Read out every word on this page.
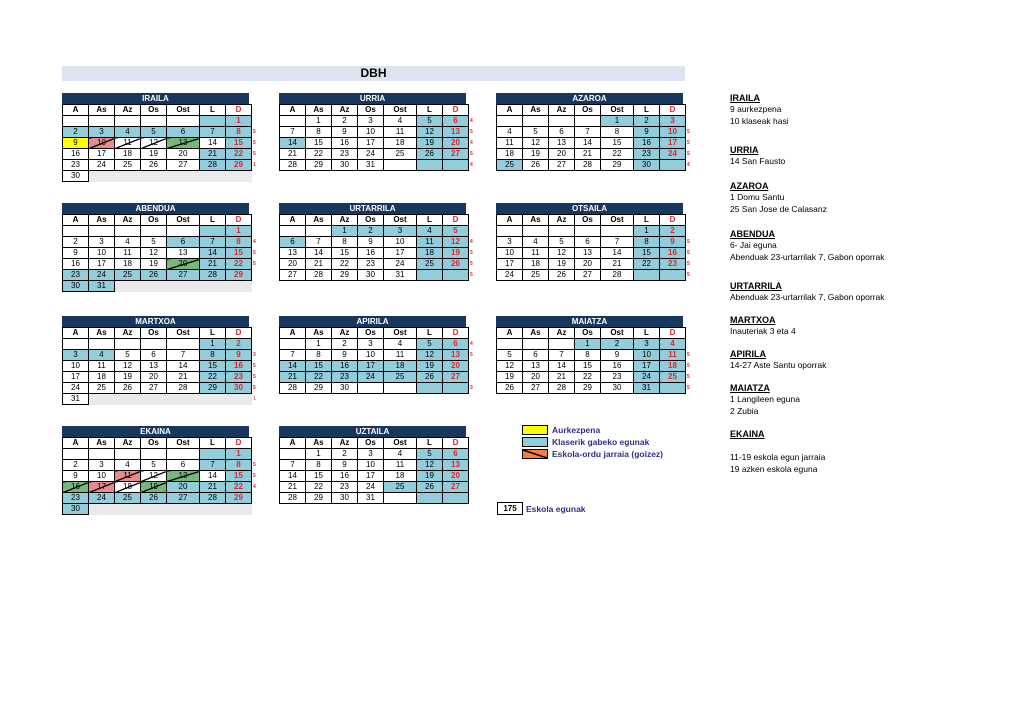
DBH
IRAILA
A	As	Az	Os	Ost	L	D
						1
2	3	4	5	6	7	8 5

9	10	11	12	13	14	15 5

16	17	18	19	20	21	22 5

23	24	25	26	27	28	29 1

30						
URRIA
A	As	Az	Os	Ost	L	D
	1	2	3	4	5	6 4

7	8	9	10	11	12	13 5

14	15	16	17	18	19	20 4

21	22	23	24	25	26	27 5

28	29	30	31			4
AZAROA
A	As	Az	Os	Ost	L	D
				1	2	3
4	5	6	7	8	9	10 5

11	12	13	14	15	16	17 5

18	19	20	21	22	23	24 5

25	26	27	28	29	30	4
ABENDUA
A	As	Az	Os	Ost	L	D
						1
2	3	4	5	6	7	8 4

9	10	11	12	13	14	15 5

16	17	18	19	20	21	22 5

23	24	25	26	27	28	29
30	31					
URTARRILA
A	As	Az	Os	Ost	L	D
		1	2	3	4	5
6	7	8	9	10	11	12 4

13	14	15	16	17	18	19 5

20	21	22	23	24	25	26 5

27	28	29	30	31		5
OTSAILA
A	As	Az	Os	Ost	L	D
					1	2
3	4	5	6	7	8	9 5

10	11	12	13	14	15	16 5

17	18	19	20	21	22	23 5

24	25	26	27	28		5
MARTXOA
A	As	Az	Os	Ost	L	D
					1	2
3	4	5	6	7	8	9 3

10	11	12	13	14	15	16 5

17	18	19	20	21	22	23 5

24	25	26	27	28	29	30 5

31						1
APIRILA
A	As	Az	Os	Ost	L	D
	1	2	3	4	5	6 4

7	8	9	10	11	12	13 5

14	15	16	17	18	19	20
21	22	23	24	25	26	27
28	29	30				3
MAIATZA
A	As	Az	Os	Ost	L	D
			1	2	3	4
5	6	7	8	9	10	11 5

12	13	14	15	16	17	18 5

19	20	21	22	23	24	25 5

26	27	28	29	30	31	5
EKAINA
A	As	Az	Os	Ost	L	D
						1
2	3	4	5	6	7	8 5

9	10	11	12	13	14	15 5

16	17	18	19	20	21	22 4

23	24	25	26	27	28	29
30						
UZTAILA
A	As	Az	Os	Ost	L	D
	1	2	3	4	5	6
7	8	9	10	11	12	13
14	15	16	17	18	19	20
21	22	23	24	25	26	27
28	29	30	31			
Aurkezpena
Klaserik gabeko egunak
Eskola-ordu jarraia (goizez)
175 Eskola egunak
IRAILA
9 aurkezpena
10 klaseak hasi
URRIA
14 San Fausto
AZAROA
1 Domu Santu
25 San Jose de Calasanz
ABENDUA
6- Jai eguna
Abenduak 23-urtarrilak 7, Gabon oporrak
URTARRILA
Abenduak 23-urtarrilak 7, Gabon oporrak
MARTXOA
Inauteriak 3 eta 4
APIRILA
14-27 Aste Santu oporrak
MAIATZA
1 Langileen eguna
2 Zubia
EKAINA

11-19 eskola egun jarraia
19 azken eskola eguna
